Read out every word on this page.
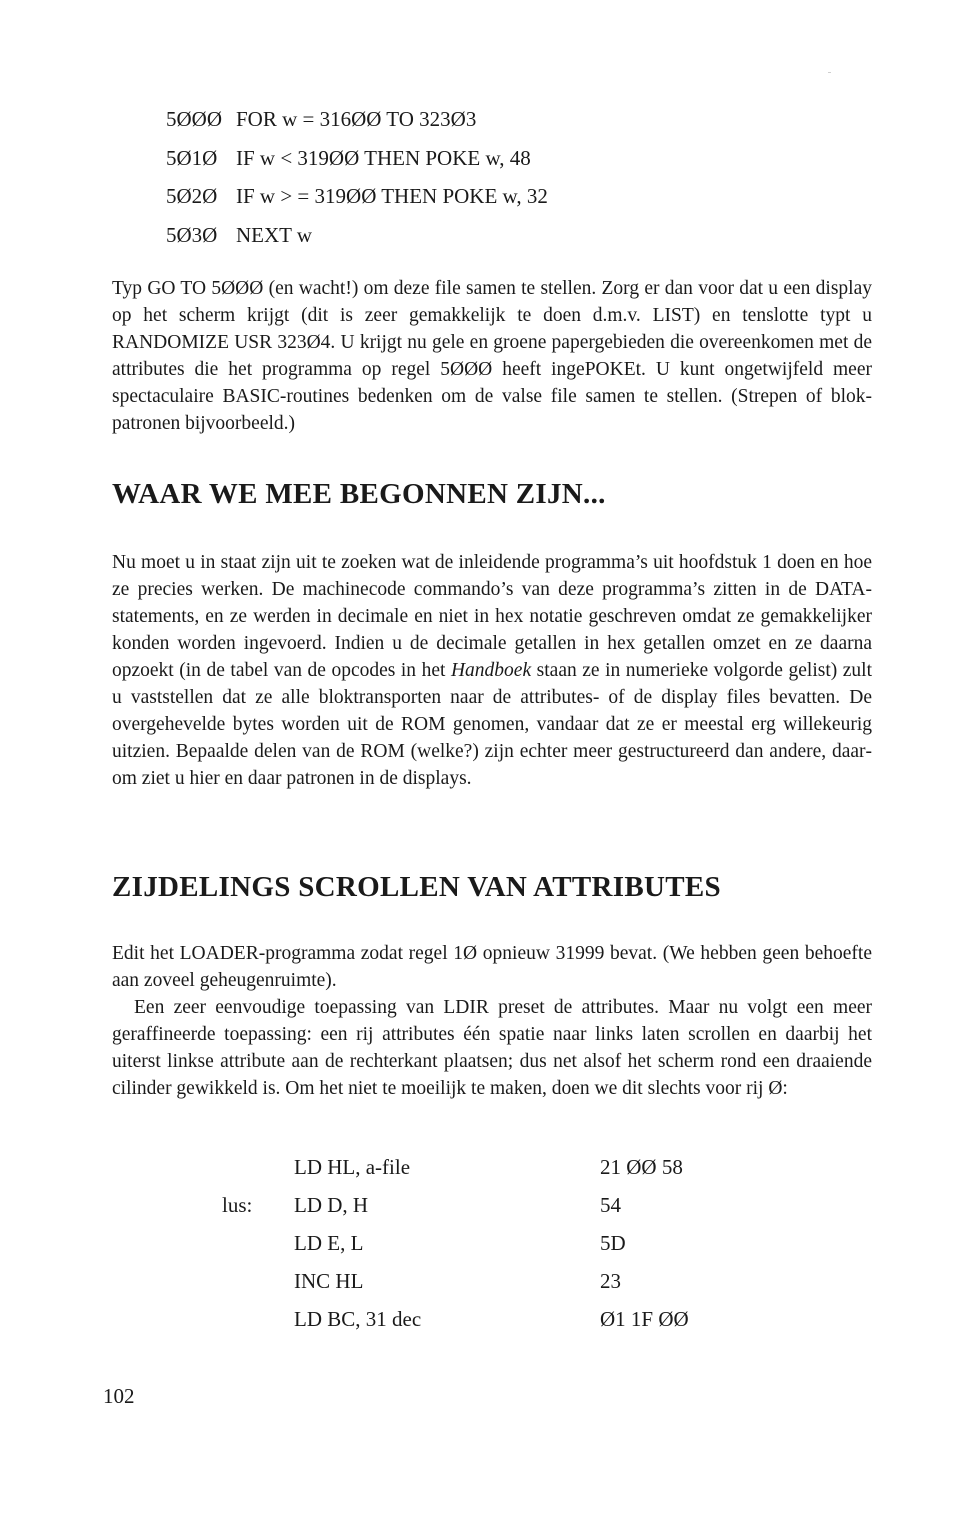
5ØØØ FOR w = 316ØØ TO 323Ø3
5Ø1Ø IF w < 319ØØ THEN POKE w, 48
5Ø2Ø IF w > = 319ØØ THEN POKE w, 32
5Ø3Ø NEXT w

Typ GO TO 5ØØØ (en wacht!) om deze file samen te stellen. Zorg er dan voor dat u een display op het scherm krijgt (dit is zeer gemakkelijk te doen d.m.v. LIST) en tenslotte typt u RANDOMIZE USR 323Ø4. U krijgt nu gele en groene papergebieden die overeenkomen met de attributes die het programma op regel 5ØØØ heeft ingePOKEt. U kunt ongetwijfeld meer spectaculaire BASIC-routines bedenken om de valse file samen te stellen. (Strepen of blokpatronen bijvoorbeeld.)

WAAR WE MEE BEGONNEN ZIJN...

Nu moet u in staat zijn uit te zoeken wat de inleidende programma’s uit hoofdstuk 1 doen en hoe ze precies werken. De machinecode commando’s van deze programma’s zitten in de DATA-statements, en ze werden in decimale en niet in hex notatie geschreven omdat ze gemakkelijker konden worden ingevoerd. Indien u de decimale getallen in hex getallen omzet en ze daarna opzoekt (in de tabel van de opcodes in het Handboek staan ze in numerieke volgorde gelist) zult u vaststellen dat ze alle bloktransporten naar de attributes- of de display files bevatten. De overgehevelde bytes worden uit de ROM genomen, vandaar dat ze er meestal erg willekeurig uitzien. Bepaalde delen van de ROM (welke?) zijn echter meer gestructureerd dan andere, daarom ziet u hier en daar patronen in de displays.

ZIJDELINGS SCROLLEN VAN ATTRIBUTES

Edit het LOADER-programma zodat regel 1Ø opnieuw 31999 bevat. (We hebben geen behoefte aan zoveel geheugenruimte).

Een zeer eenvoudige toepassing van LDIR preset de attributes. Maar nu volgt een meer geraffineerde toepassing: een rij attributes één spatie naar links laten scrollen en daarbij het uiterst linkse attribute aan de rechterkant plaatsen; dus net alsof het scherm rond een draaiende cilinder gewikkeld is. Om het niet te moeilijk te maken, doen we dit slechts voor rij Ø:

LD HL, a-file	21 ØØ 58
lus: LD D, H	54
LD E, L	5D
INC HL	23
LD BC, 31 dec	Ø1 1F ØØ
102
